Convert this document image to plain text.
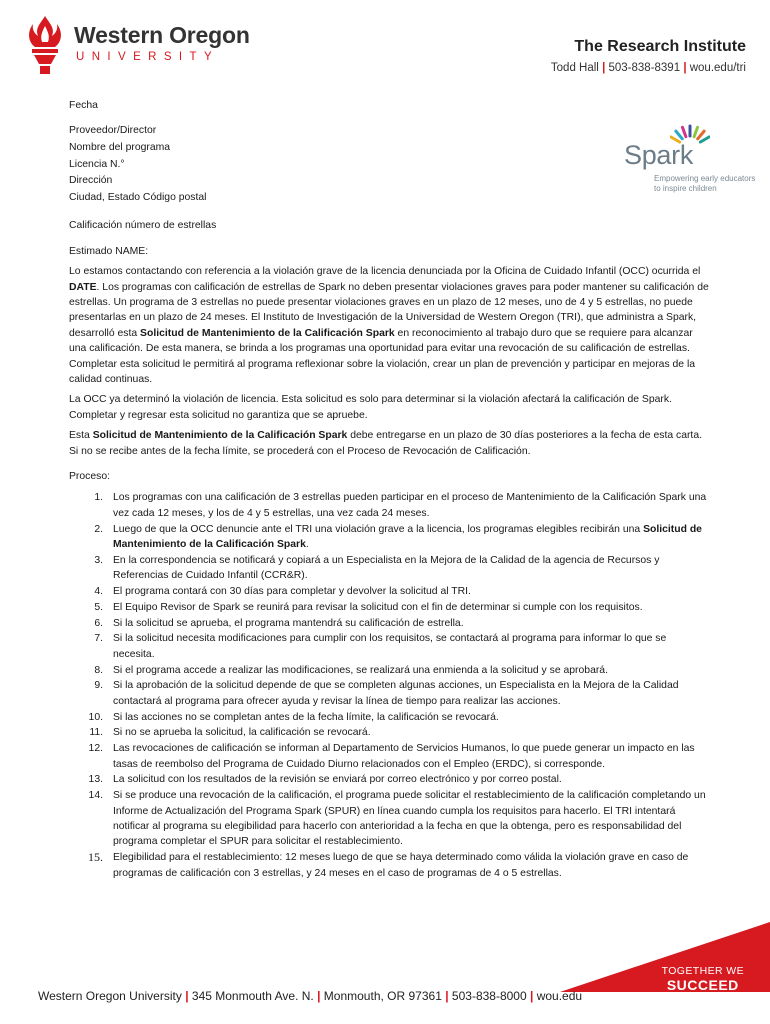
Western Oregon
UNIVERSITY
The Research Institute
Todd Hall | 503-838-8391 | wou.edu/tri
Spark
Empowering early educators
to inspire children

Fecha

Proveedor/Director
Nombre del programa
Licencia N.°
Dirección
Ciudad, Estado Código postal

Calificación número de estrellas

Estimado NAME:

Lo estamos contactando con referencia a la violación grave de la licencia denunciada por la Oficina de Cuidado Infantil (OCC) ocurrida el DATE. Los programas con calificación de estrellas de Spark no deben presentar violaciones graves para poder mantener su calificación de estrellas. Un programa de 3 estrellas no puede presentar violaciones graves en un plazo de 12 meses, uno de 4 y 5 estrellas, no puede presentarlas en un plazo de 24 meses. El Instituto de Investigación de la Universidad de Western Oregon (TRI), que administra a Spark, desarrolló esta Solicitud de Mantenimiento de la Calificación Spark en reconocimiento al trabajo duro que se requiere para alcanzar una calificación. De esta manera, se brinda a los programas una oportunidad para evitar una revocación de su calificación de estrellas. Completar esta solicitud le permitirá al programa reflexionar sobre la violación, crear un plan de prevención y participar en mejoras de la calidad continuas.

La OCC ya determinó la violación de licencia. Esta solicitud es solo para determinar si la violación afectará la calificación de Spark. Completar y regresar esta solicitud no garantiza que se apruebe.

Esta Solicitud de Mantenimiento de la Calificación Spark debe entregarse en un plazo de 30 días posteriores a la fecha de esta carta. Si no se recibe antes de la fecha límite, se procederá con el Proceso de Revocación de Calificación.

Proceso:

1. Los programas con una calificación de 3 estrellas pueden participar en el proceso de Mantenimiento de la Calificación Spark una vez cada 12 meses, y los de 4 y 5 estrellas, una vez cada 24 meses.
2. Luego de que la OCC denuncie ante el TRI una violación grave a la licencia, los programas elegibles recibirán una Solicitud de Mantenimiento de la Calificación Spark.
3. En la correspondencia se notificará y copiará a un Especialista en la Mejora de la Calidad de la agencia de Recursos y Referencias de Cuidado Infantil (CCR&R).
4. El programa contará con 30 días para completar y devolver la solicitud al TRI.
5. El Equipo Revisor de Spark se reunirá para revisar la solicitud con el fin de determinar si cumple con los requisitos.
6. Si la solicitud se aprueba, el programa mantendrá su calificación de estrella.
7. Si la solicitud necesita modificaciones para cumplir con los requisitos, se contactará al programa para informar lo que se necesita.
8. Si el programa accede a realizar las modificaciones, se realizará una enmienda a la solicitud y se aprobará.
9. Si la aprobación de la solicitud depende de que se completen algunas acciones, un Especialista en la Mejora de la Calidad contactará al programa para ofrecer ayuda y revisar la línea de tiempo para realizar las acciones.
10. Si las acciones no se completan antes de la fecha límite, la calificación se revocará.
11. Si no se aprueba la solicitud, la calificación se revocará.
12. Las revocaciones de calificación se informan al Departamento de Servicios Humanos, lo que puede generar un impacto en las tasas de reembolso del Programa de Cuidado Diurno relacionados con el Empleo (ERDC), si corresponde.
13. La solicitud con los resultados de la revisión se enviará por correo electrónico y por correo postal.
14. Si se produce una revocación de la calificación, el programa puede solicitar el restablecimiento de la calificación completando un Informe de Actualización del Programa Spark (SPUR) en línea cuando cumpla los requisitos para hacerlo. El TRI intentará notificar al programa su elegibilidad para hacerlo con anterioridad a la fecha en que la obtenga, pero es responsabilidad del programa completar el SPUR para solicitar el restablecimiento.
15. Elegibilidad para el restablecimiento: 12 meses luego de que se haya determinado como válida la violación grave en caso de programas de calificación con 3 estrellas, y 24 meses en el caso de programas de 4 o 5 estrellas.
TOGETHER WE
SUCCEED
Western Oregon University | 345 Monmouth Ave. N. | Monmouth, OR 97361 | 503-838-8000 | wou.edu
